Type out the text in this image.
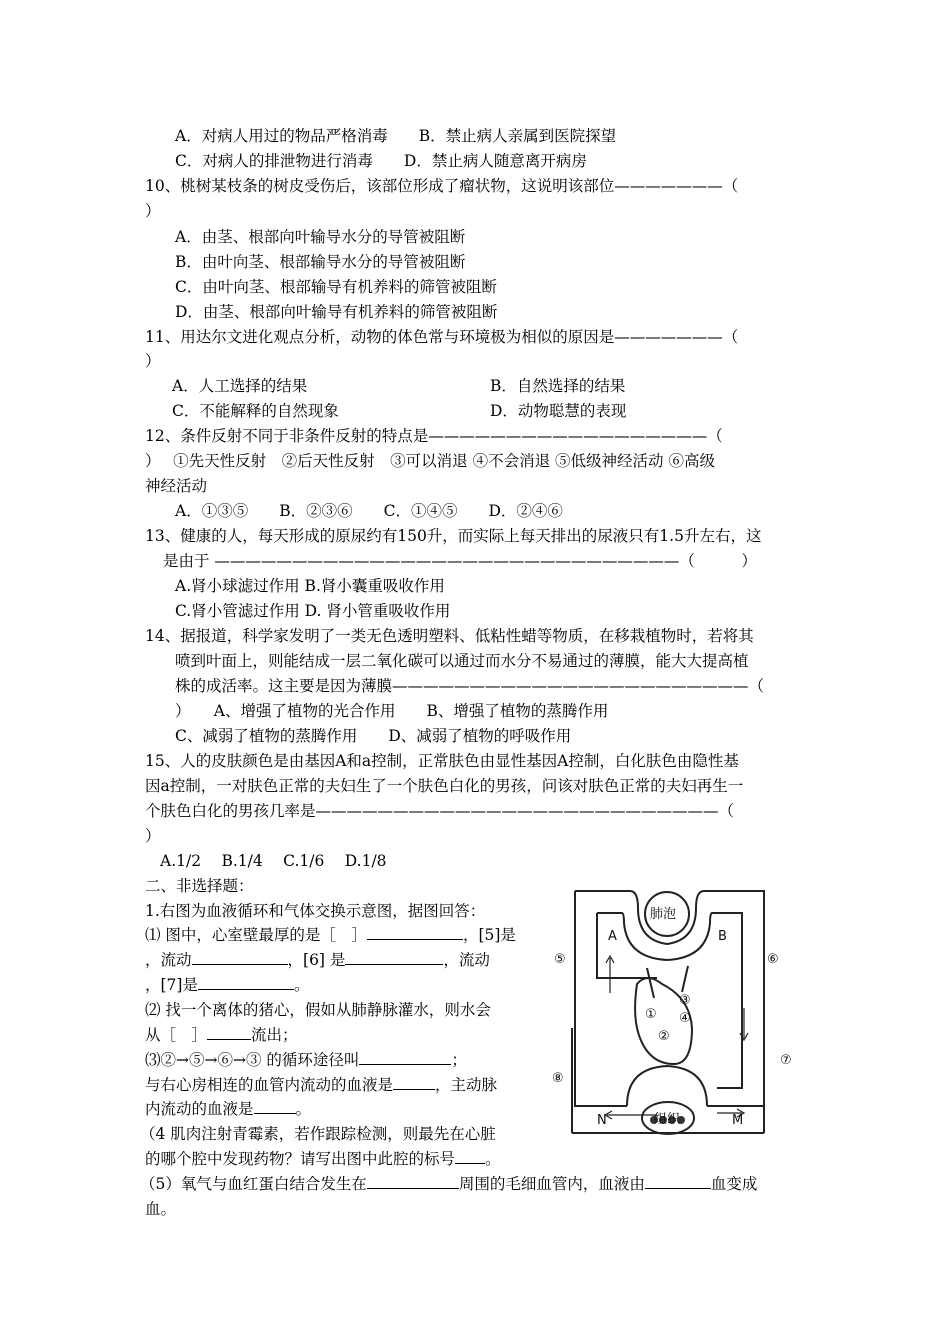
A．对病人用过的物品严格消毒　　 B．禁止病人亲属到医院探望
C．对病人的排泄物进行消毒　　 D．禁止病人随意离开病房
10、桃树某枝条的树皮受伤后，该部位形成了瘤状物，这说明该部位———————（
）
A．由茎、根部向叶输导水分的导管被阻断
B．由叶向茎、根部输导水分的导管被阻断
C．由叶向茎、根部输导有机养料的筛管被阻断
D．由茎、根部向叶输导有机养料的筛管被阻断
11、用达尔文进化观点分析，动物的体色常与环境极为相似的原因是———————（
）
A．人工选择的结果	B．自然选择的结果
C．不能解释的自然现象	D．动物聪慧的表现
12、条件反射不同于非条件反射的特点是——————————————————（
）　 ①先天性反射　②后天性反射　③可以消退 ④不会消退 ⑤低级神经活动 ⑥高级
神经活动
A．①③⑤　　B．②③⑥　　C．①④⑤　　D．②④⑥
13、健康的人，每天形成的原尿约有150升，而实际上每天排出的尿液只有1.5升左右，这
是由于 ——————————————————————————————（　　　）
A.肾小球滤过作用 B.肾小囊重吸收作用
C.肾小管滤过作用 D. 肾小管重吸收作用
14、据报道，科学家发明了一类无色透明塑料、低粘性蜡等物质，在移栽植物时，若将其
喷到叶面上，则能结成一层二氧化碳可以通过而水分不易通过的薄膜，能大大提高植
株的成活率。这主要是因为薄膜———————————————————————（
）　　A、增强了植物的光合作用　　B、增强了植物的蒸腾作用
C、减弱了植物的蒸腾作用　　D、减弱了植物的呼吸作用
15、人的皮肤颜色是由基因A和a控制，正常肤色由显性基因A控制，白化肤色由隐性基
因a控制，一对肤色正常的夫妇生了一个肤色白化的男孩，问该对肤色正常的夫妇再生一
个肤色白化的男孩几率是——————————————————————————（
）
A.1/2　 B.1/4　 C.1/6　 D.1/8
二、非选择题：
1.右图为血液循环和气体交换示意图，据图回答：
⑴ 图中，心室壁最厚的是［　］	，[5]是
，流动	，[6] 是	，流动
，[7]是	。
⑵ 找一个离体的猪心，假如从肺静脉灌水，则水会
从［　］	流出；
⑶②→⑤→⑥→③ 的循环途径叫	；
与右心房相连的血管内流动的血液是	，主动脉
内流动的血液是	。
（4 肌肉注射青霉素，若作跟踪检测，则最先在心脏
的哪个腔中发现药物？请写出图中此腔的标号 。
（5）氧气与血红蛋白结合发生在	周围的毛细血管内，血液由	血变成
血。
肺泡
组织
A	B
N	M
①
②
③
④
⑤	⑥
⑦
⑧
